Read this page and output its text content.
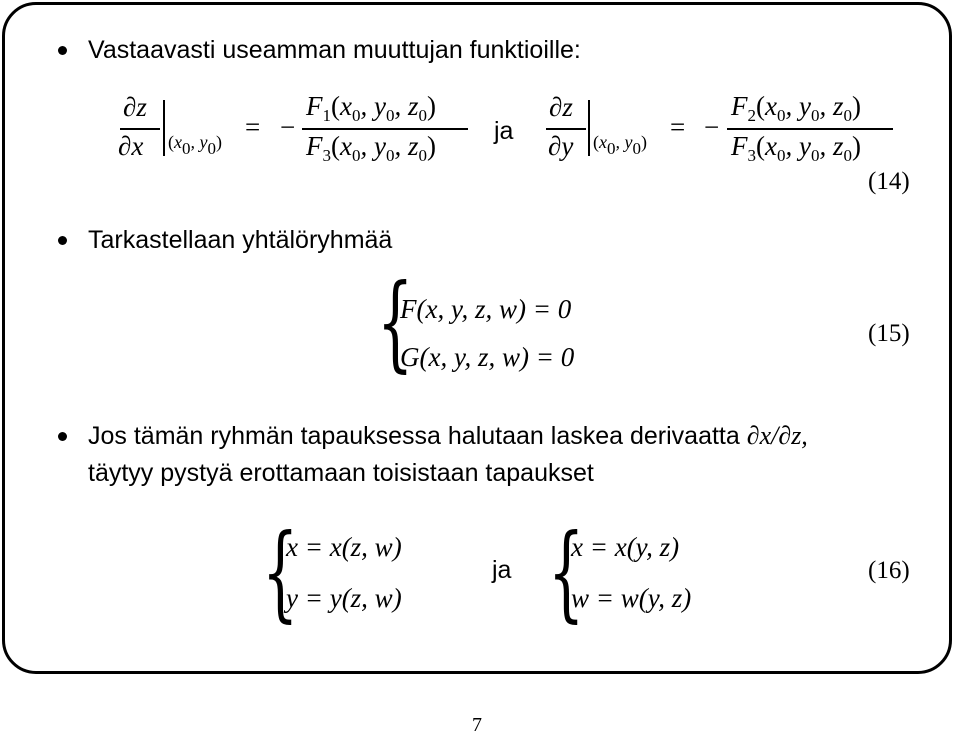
Vastaavasti useamman muuttujan funktioille:
∂z
∂x (x0, y0) = −
$F_1(x_0$, $y_0$, $z_0$)
$F_3(x_0$, $y_0$, $z_0$) ja
∂z
∂y (x0, y0) = −
$F_2(x_0$, $y_0$, $z_0$)
$F_3(x_0$, $y_0$, $z_0$)
(14)
Tarkastellaan yhtälöryhmää
{
F(x, y, z, w) = 0
G(x, y, z, w) = 0
(15)
Jos tämän ryhmän tapauksessa halutaan laskea derivaatta ∂x/∂z,
täytyy pystyä erottamaan toisistaan tapaukset
{
x = x(z, w)
y = y(z, w)
ja {
x = x(y, z)
w = w(y, z)
(16)
7
